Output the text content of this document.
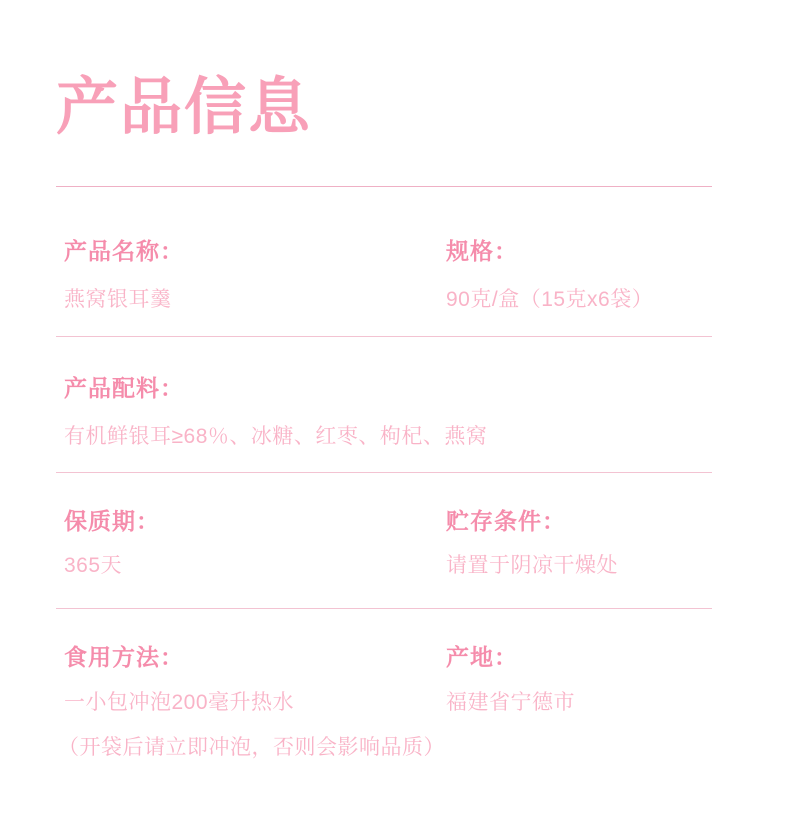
产品信息
产品名称：
燕窝银耳羹
规格：
90克/盒（15克x6袋）
产品配料：
有机鲜银耳≥68％、冰糖、红枣、枸杞、燕窝
保质期：
365天
贮存条件：
请置于阴凉干燥处
食用方法：
一小包冲泡200毫升热水
（开袋后请立即冲泡，否则会影响品质）
产地：
福建省宁德市
